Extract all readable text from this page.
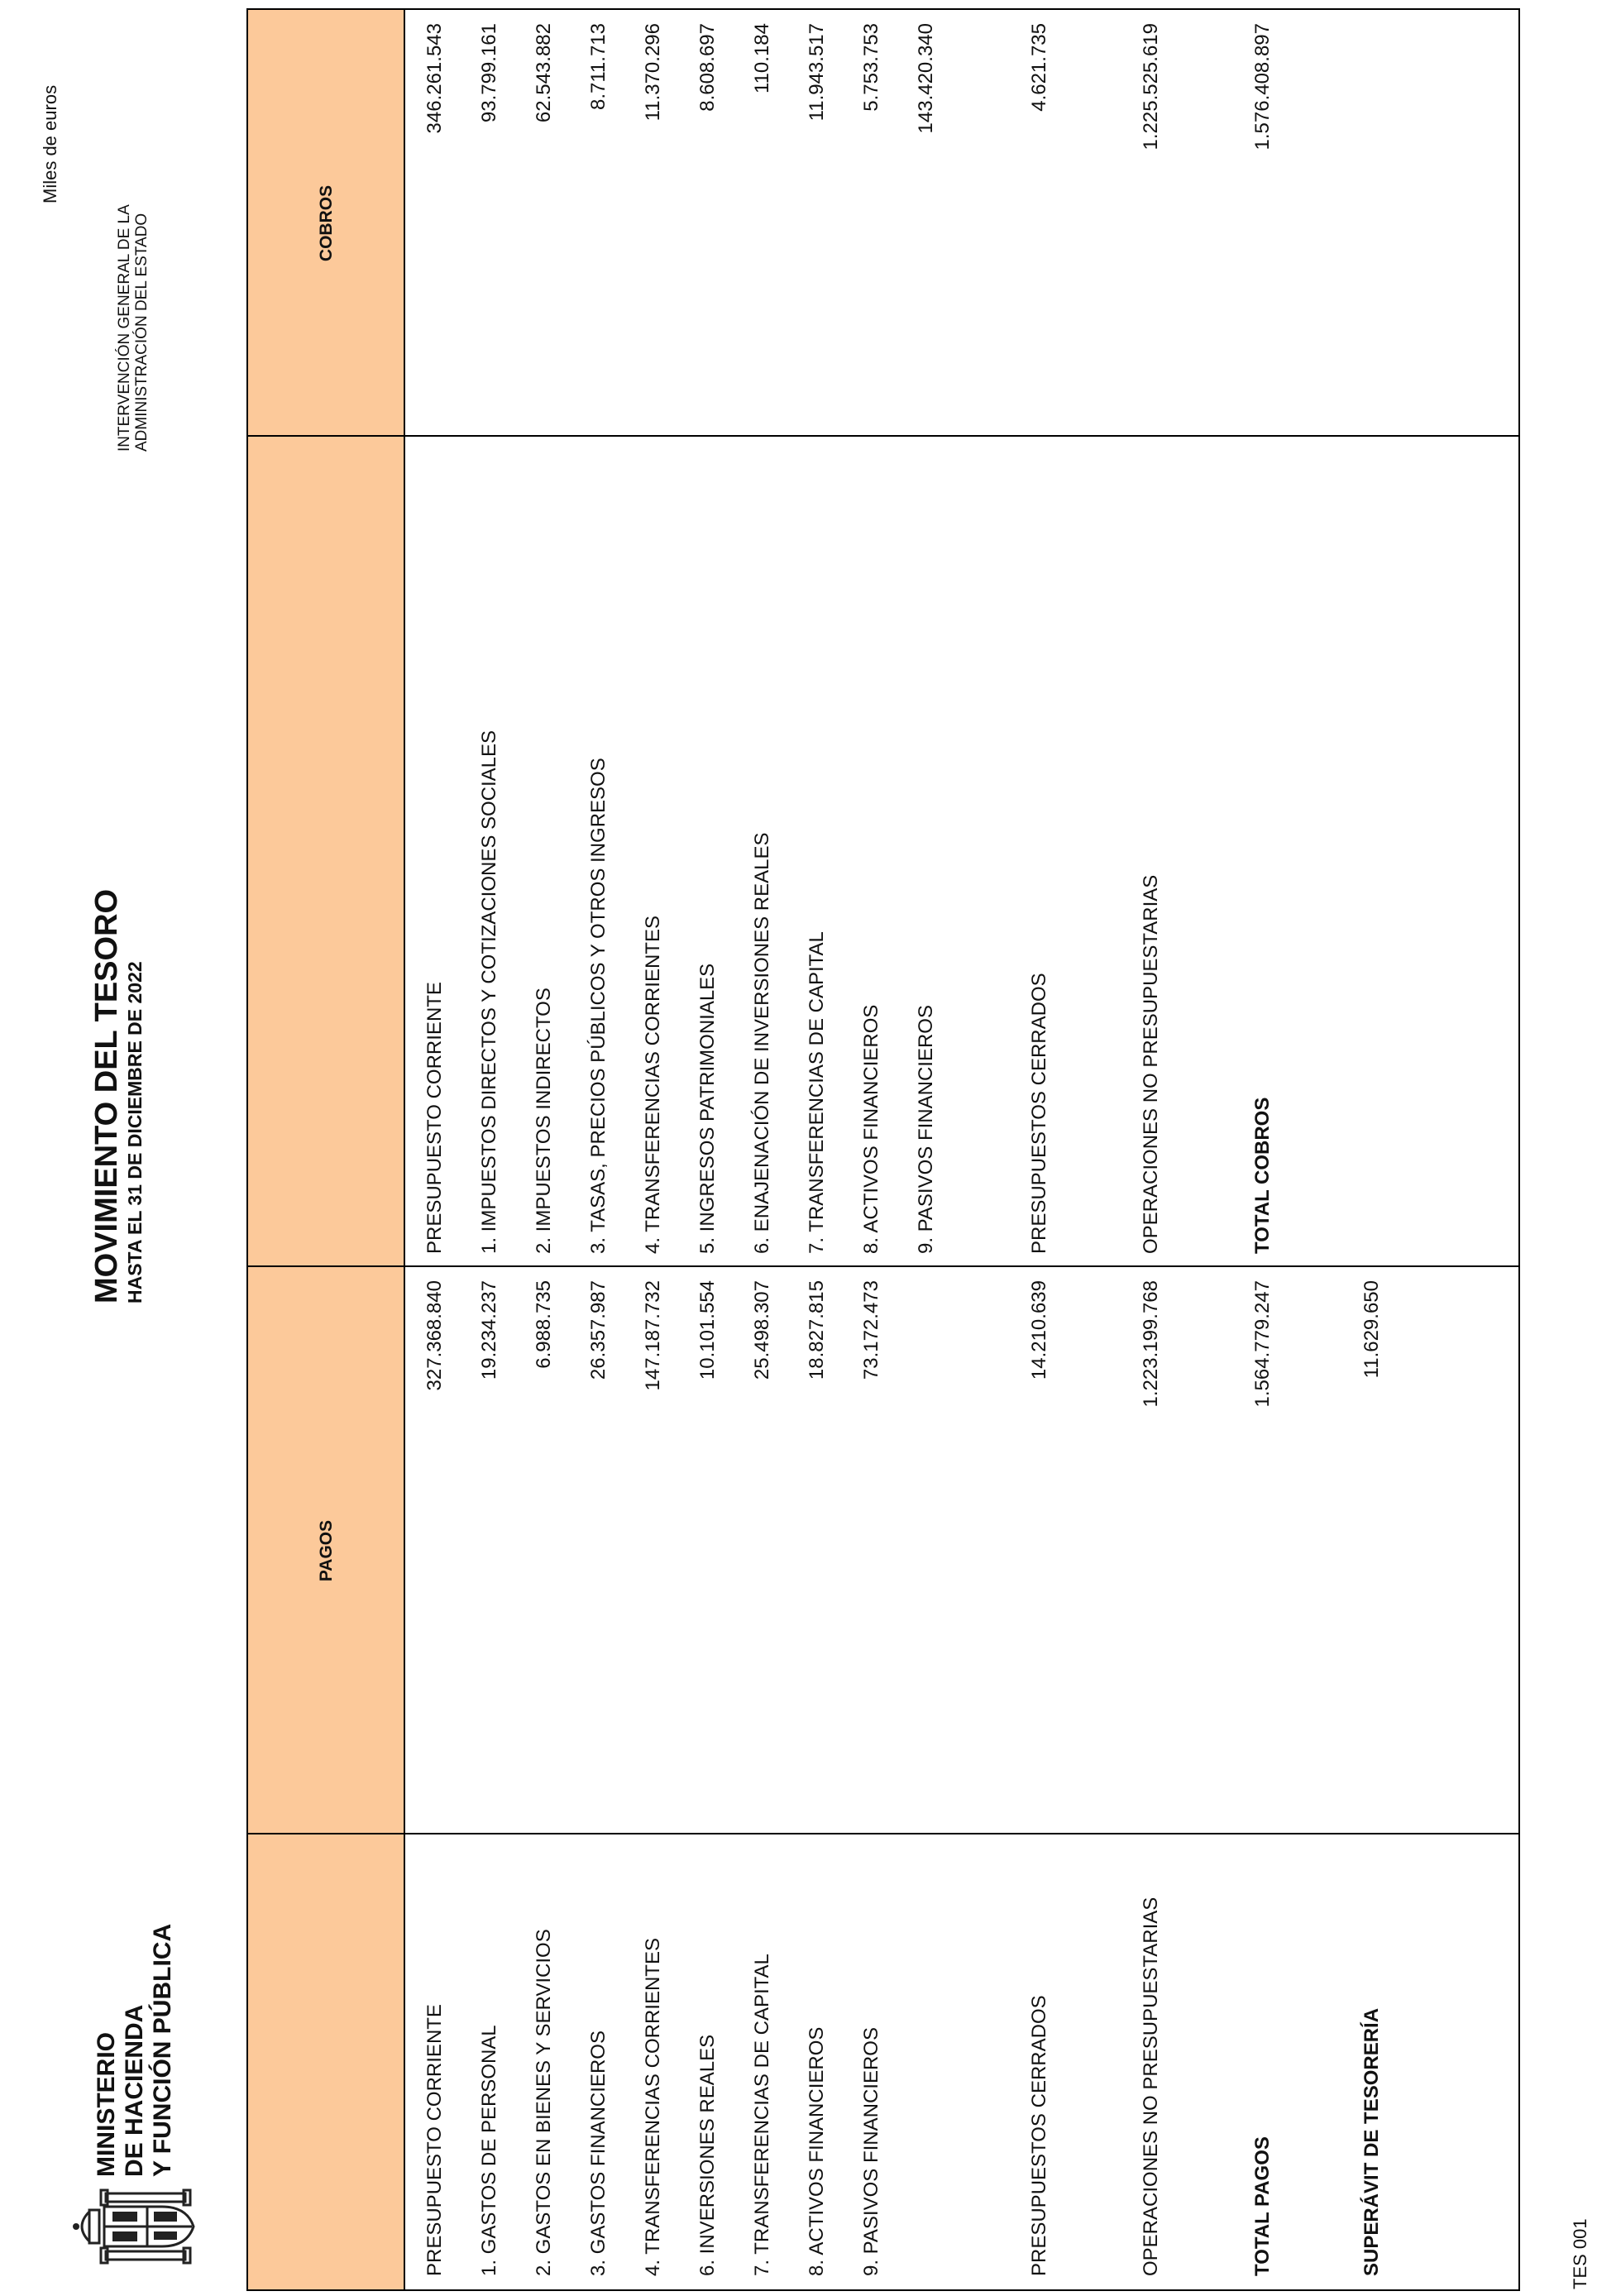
MINISTERIO DE HACIENDA Y FUNCIÓN PÚBLICA
MOVIMIENTO DEL TESORO HASTA EL 31 DE DICIEMBRE DE 2022
INTERVENCIÓN GENERAL DE LA ADMINISTRACIÓN DEL ESTADO
Miles de euros
TES 001
PAGOS
COBROS
PRESUPUESTO CORRIENTE
327.368.840
1. GASTOS DE PERSONAL
19.234.237
2. GASTOS EN BIENES Y SERVICIOS
6.988.735
3. GASTOS FINANCIEROS
26.357.987
4. TRANSFERENCIAS CORRIENTES
147.187.732
6. INVERSIONES REALES
10.101.554
7. TRANSFERENCIAS DE CAPITAL
25.498.307
8. ACTIVOS FINANCIEROS
18.827.815
9. PASIVOS FINANCIEROS
73.172.473
PRESUPUESTOS CERRADOS
14.210.639
OPERACIONES NO PRESUPUESTARIAS
1.223.199.768
TOTAL PAGOS
1.564.779.247
SUPERÁVIT DE TESORERÍA
11.629.650
PRESUPUESTO CORRIENTE
346.261.543
1. IMPUESTOS DIRECTOS Y COTIZACIONES SOCIALES
93.799.161
2. IMPUESTOS INDIRECTOS
62.543.882
3. TASAS, PRECIOS PÚBLICOS Y OTROS INGRESOS
8.711.713
4. TRANSFERENCIAS CORRIENTES
11.370.296
5. INGRESOS PATRIMONIALES
8.608.697
6. ENAJENACIÓN DE INVERSIONES REALES
110.184
7. TRANSFERENCIAS DE CAPITAL
11.943.517
8. ACTIVOS FINANCIEROS
5.753.753
9. PASIVOS FINANCIEROS
143.420.340
PRESUPUESTOS CERRADOS
4.621.735
OPERACIONES NO PRESUPUESTARIAS
1.225.525.619
TOTAL COBROS
1.576.408.897
